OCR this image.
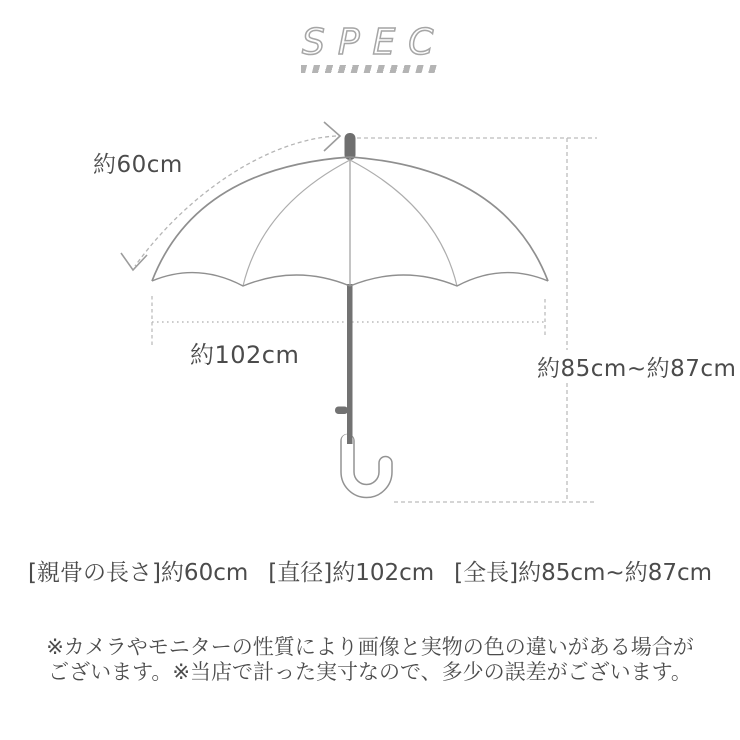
SPEC
約60cm
約102cm	約85cm~約87cm
[親骨の長さ]約60cm [直径]約102cm [全長]約85cm~約87cm
※カメラやモニターの性質により画像と実物の色の違いがある場合が
ございます。※当店で計った実寸なので、多少の誤差がございます。
